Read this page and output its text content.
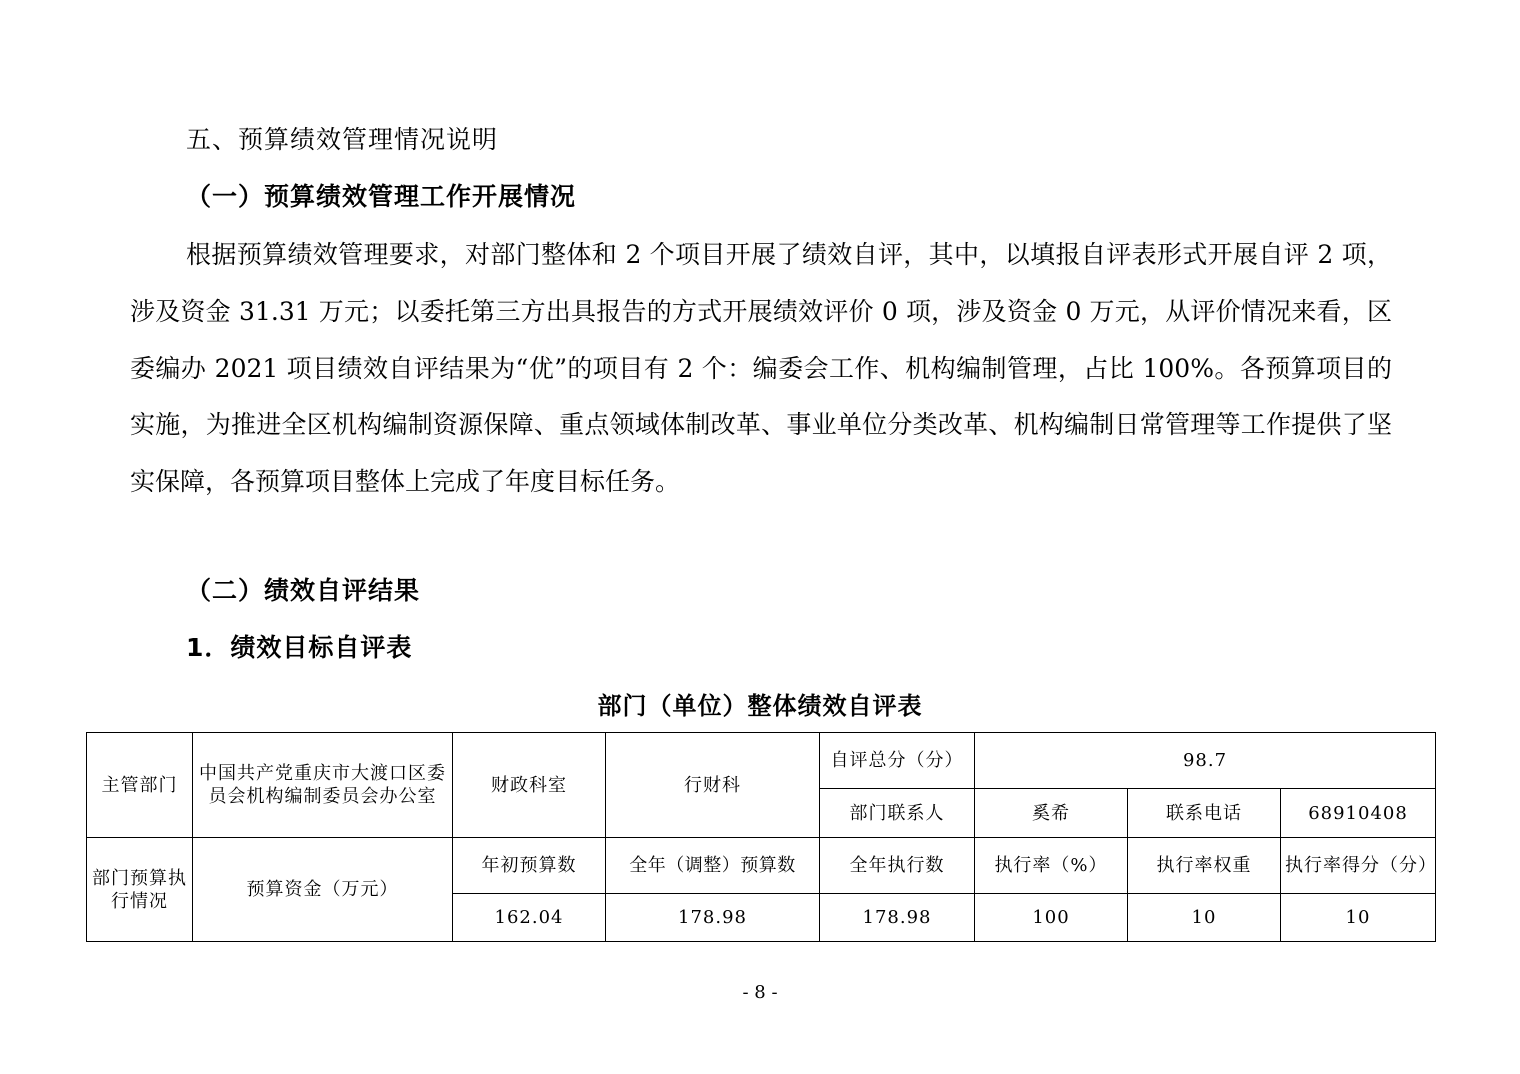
五、预算绩效管理情况说明
（一）预算绩效管理工作开展情况
根据预算绩效管理要求，对部门整体和 2 个项目开展了绩效自评，其中，以填报自评表形式开展自评 2 项，涉及资金 31.31 万元；以委托第三方出具报告的方式开展绩效评价 0 项，涉及资金 0 万元，从评价情况来看，区委编办 2021 项目绩效自评结果为“优”的项目有 2 个：编委会工作、机构编制管理，占比 100%。各预算项目的实施，为推进全区机构编制资源保障、重点领域体制改革、事业单位分类改革、机构编制日常管理等工作提供了坚实保障，各预算项目整体上完成了年度目标任务。
（二）绩效自评结果
1．绩效目标自评表
部门（单位）整体绩效自评表
主管部门	中国共产党重庆市大渡口区委员会机构编制委员会办公室	财政科室	行财科	自评总分（分）	98.7		
				部门联系人	奚希	联系电话	68910408
部门预算执行情况	预算资金（万元）	年初预算数	全年（调整）预算数	全年执行数	执行率（%）	执行率权重	执行率得分（分）
		162.04	178.98	178.98	100	10	10
- 8 -
